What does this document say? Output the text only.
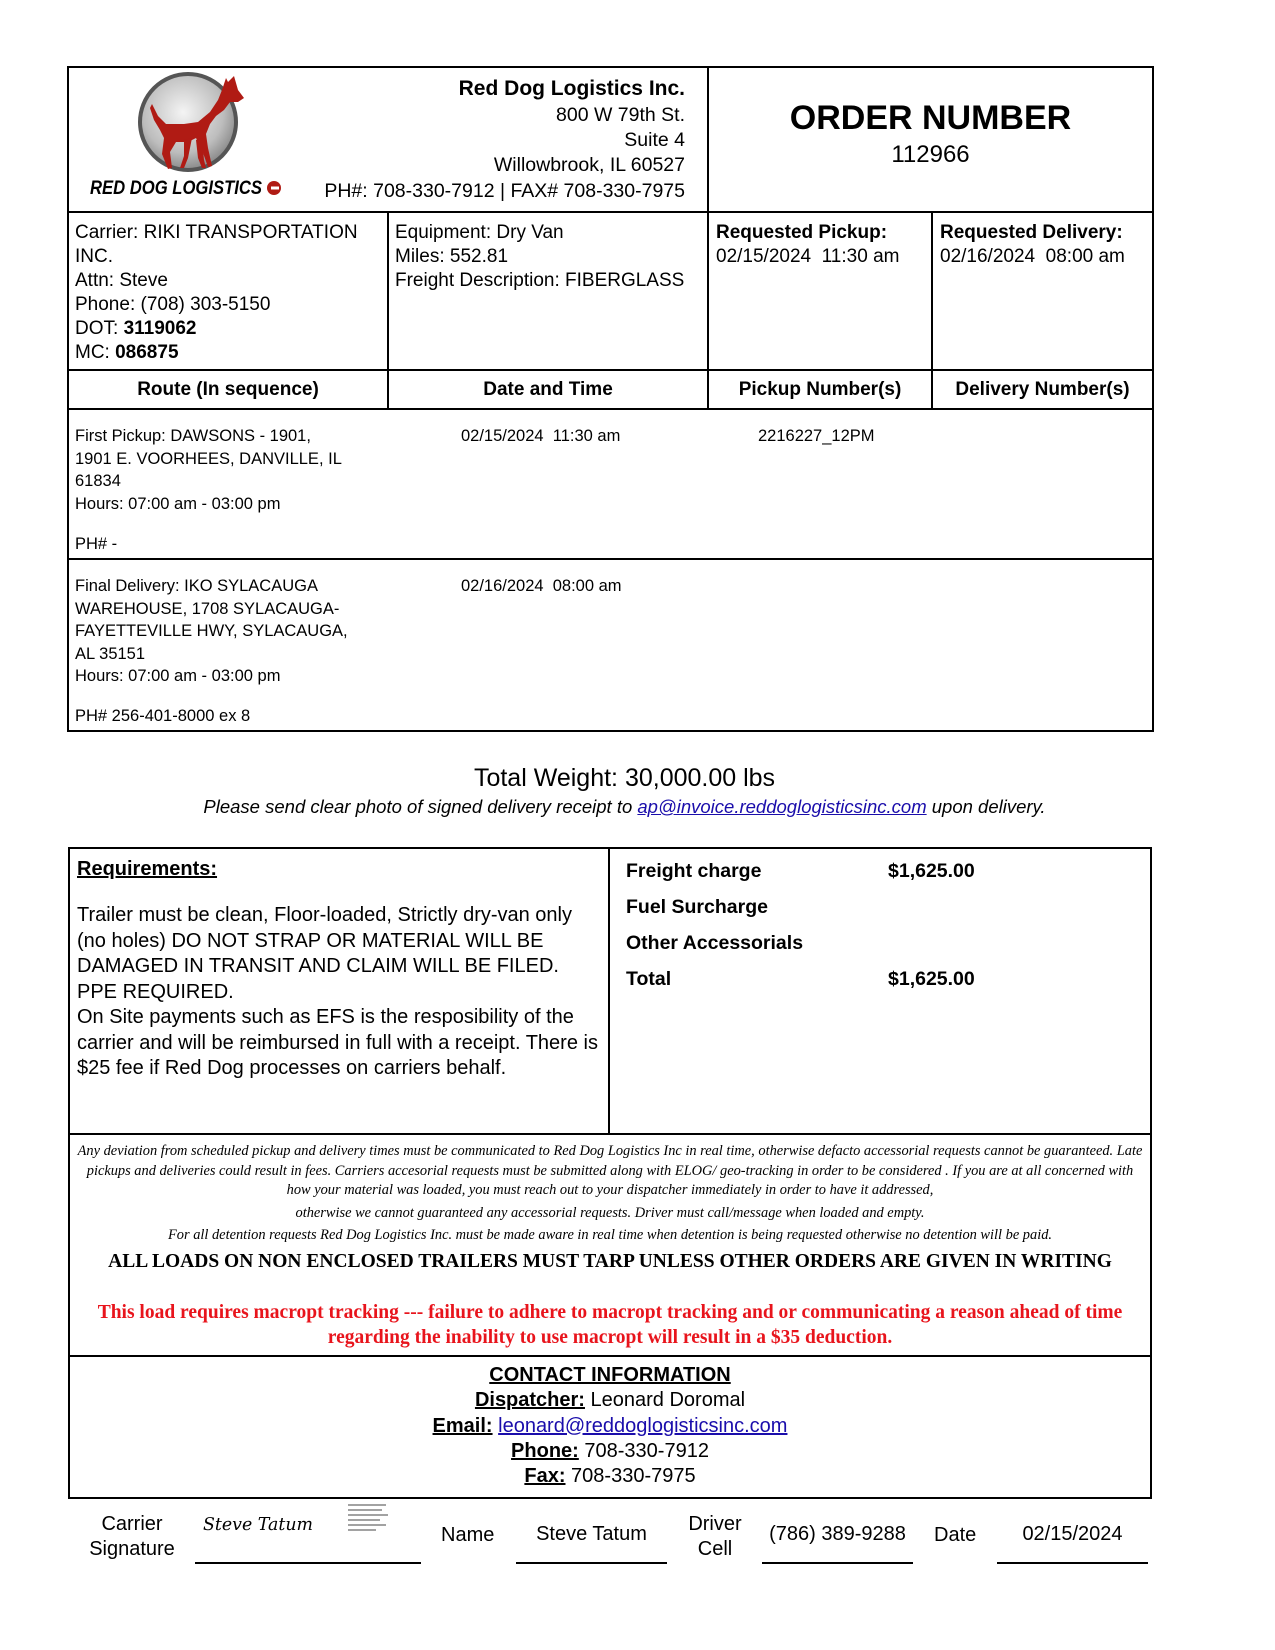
RED DOG LOGISTICS
Red Dog Logistics Inc.
800 W 79th St.
Suite 4
Willowbrook, IL 60527
PH#: 708-330-7912 | FAX# 708-330-7975
ORDER NUMBER
112966
Carrier: RIKI TRANSPORTATION INC.
Attn: Steve
Phone: (708) 303-5150
DOT: 3119062
MC: 086875
Equipment: Dry Van
Miles: 552.81
Freight Description: FIBERGLASS
Requested Pickup:
02/15/2024  11:30 am
Requested Delivery:
02/16/2024  08:00 am
Route (In sequence)	Date and Time	Pickup Number(s)	Delivery Number(s)
First Pickup: DAWSONS - 1901,
1901 E. VOORHEES, DANVILLE, IL
61834
Hours: 07:00 am - 03:00 pm
PH# -
02/15/2024  11:30 am	2216227_12PM
Final Delivery: IKO SYLACAUGA
WAREHOUSE, 1708 SYLACAUGA-
FAYETTEVILLE HWY, SYLACAUGA,
AL 35151
Hours: 07:00 am - 03:00 pm
PH# 256-401-8000 ex 8
02/16/2024  08:00 am
Total Weight: 30,000.00 lbs
Please send clear photo of signed delivery receipt to ap@invoice.reddoglogisticsinc.com upon delivery.
Requirements:
Trailer must be clean, Floor-loaded, Strictly dry-van only (no holes) DO NOT STRAP OR MATERIAL WILL BE DAMAGED IN TRANSIT AND CLAIM WILL BE FILED. PPE REQUIRED.
On Site payments such as EFS is the resposibility of the carrier and will be reimbursed in full with a receipt. There is $25 fee if Red Dog processes on carriers behalf.
Freight charge	$1,625.00
Fuel Surcharge
Other Accessorials
Total	$1,625.00
Any deviation from scheduled pickup and delivery times must be communicated to Red Dog Logistics Inc in real time, otherwise defacto accessorial requests cannot be guaranteed. Late pickups and deliveries could result in fees. Carriers accesorial requests must be submitted along with ELOG/ geo-tracking in order to be considered . If you are at all concerned with how your material was loaded, you must reach out to your dispatcher immediately in order to have it addressed,
otherwise we cannot guaranteed any accessorial requests. Driver must call/message when loaded and empty.
For all detention requests Red Dog Logistics Inc. must be made aware in real time when detention is being requested otherwise no detention will be paid.
ALL LOADS ON NON ENCLOSED TRAILERS MUST TARP UNLESS OTHER ORDERS ARE GIVEN IN WRITING
This load requires macropt tracking --- failure to adhere to macropt tracking and or communicating a reason ahead of time regarding the inability to use macropt will result in a $35 deduction.
CONTACT INFORMATION
Dispatcher: Leonard Doromal
Email: leonard@reddoglogisticsinc.com
Phone: 708-330-7912
Fax: 708-330-7975
Carrier
Signature
Steve Tatum	Name	Steve Tatum	Driver
Cell
(786) 389-9288	Date	02/15/2024
